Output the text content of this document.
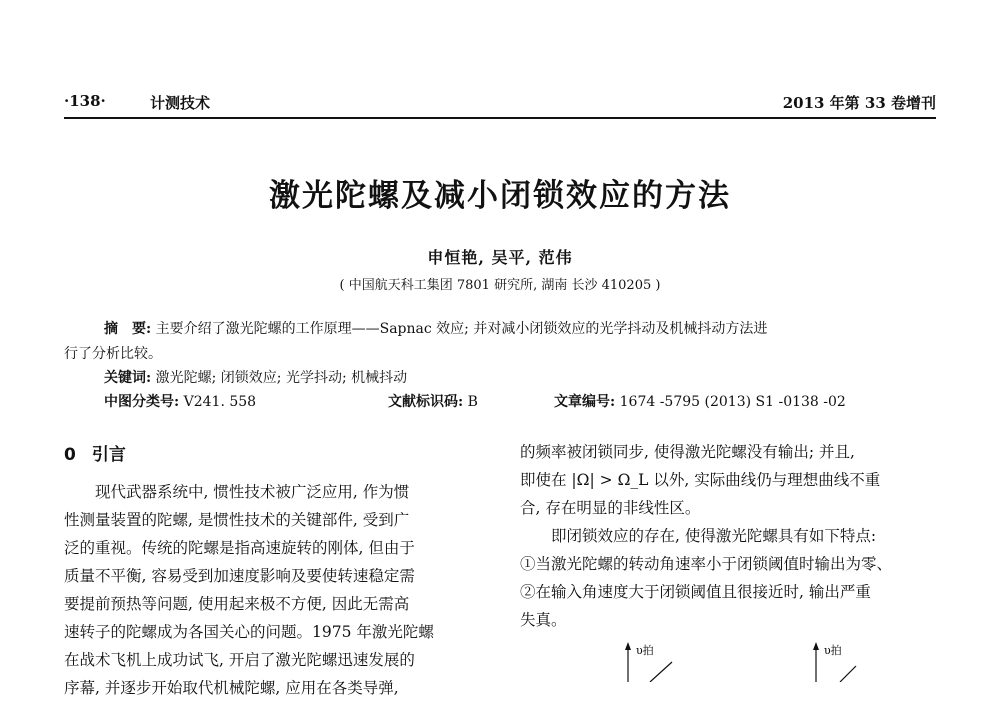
·138·	计测技术	2013 年第 33 卷增刊
激光陀螺及减小闭锁效应的方法
申恒艳, 吴平, 范伟
( 中国航天科工集团 7801 研究所, 湖南 长沙 410205 )
摘　要: 主要介绍了激光陀螺的工作原理——Sapnac 效应; 并对减小闭锁效应的光学抖动及机械抖动方法进
行了分析比较。
关键词: 激光陀螺; 闭锁效应; 光学抖动; 机械抖动
中图分类号: V241. 558	文献标识码: B	文章编号: 1674 -5795 (2013) S1 -0138 -02
0 引言

　　现代武器系统中, 惯性技术被广泛应用, 作为惯

性测量装置的陀螺, 是惯性技术的关键部件, 受到广

泛的重视。传统的陀螺是指高速旋转的刚体, 但由于

质量不平衡, 容易受到加速度影响及要使转速稳定需

要提前预热等问题, 使用起来极不方便, 因此无需高

速转子的陀螺成为各国关心的问题。1975 年激光陀螺

在战术飞机上成功试飞, 开启了激光陀螺迅速发展的

序幕, 并逐步开始取代机械陀螺, 应用在各类导弹,

的频率被闭锁同步, 使得激光陀螺没有输出; 并且,

即使在 |Ω| > Ω_L 以外, 实际曲线仍与理想曲线不重

合, 存在明显的非线性区。

　　即闭锁效应的存在, 使得激光陀螺具有如下特点:

①当激光陀螺的转动角速率小于闭锁阈值时输出为零、

②在输入角速度大于闭锁阈值且很接近时, 输出严重

失真。

υ拍	υ拍
